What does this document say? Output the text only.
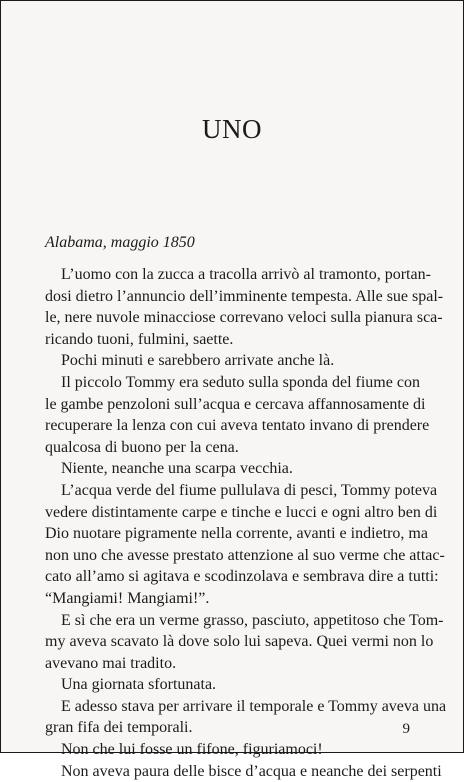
UNO

Alabama, maggio 1850

L’uomo con la zucca a tracolla arrivò al tramonto, portan-
dosi dietro l’annuncio dell’imminente tempesta. Alle sue spal-
le, nere nuvole minacciose correvano veloci sulla pianura sca-
ricando tuoni, fulmini, saette.
Pochi minuti e sarebbero arrivate anche là.
Il piccolo Tommy era seduto sulla sponda del fiume con
le gambe penzoloni sull’acqua e cercava affannosamente di
recuperare la lenza con cui aveva tentato invano di prendere
qualcosa di buono per la cena.
Niente, neanche una scarpa vecchia.
L’acqua verde del fiume pullulava di pesci, Tommy poteva
vedere distintamente carpe e tinche e lucci e ogni altro ben di
Dio nuotare pigramente nella corrente, avanti e indietro, ma
non uno che avesse prestato attenzione al suo verme che attac-
cato all’amo si agitava e scodinzolava e sembrava dire a tutti:
“Mangiami! Mangiami!”.
E sì che era un verme grasso, pasciuto, appetitoso che Tom-
my aveva scavato là dove solo lui sapeva. Quei vermi non lo
avevano mai tradito.
Una giornata sfortunata.
E adesso stava per arrivare il temporale e Tommy aveva una
gran fifa dei temporali.
Non che lui fosse un fifone, figuriamoci!
Non aveva paura delle bisce d’acqua e neanche dei serpenti

9
